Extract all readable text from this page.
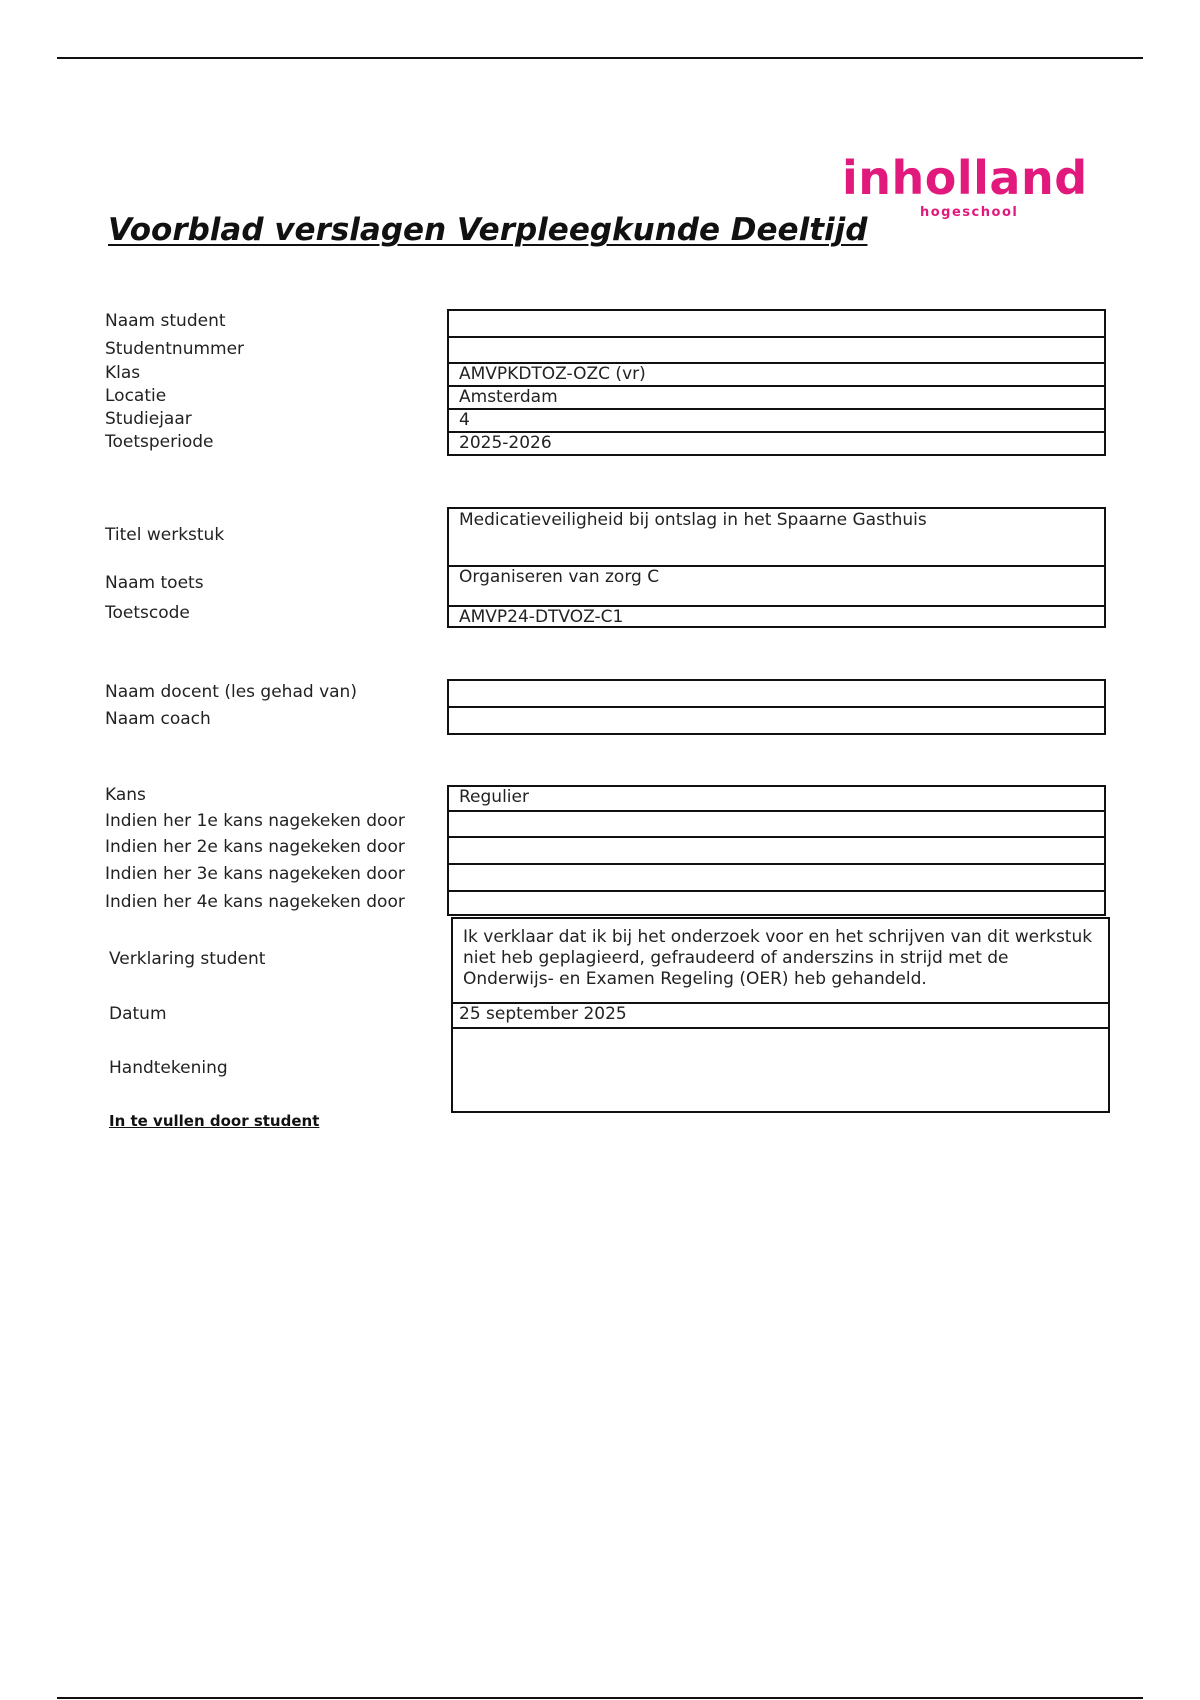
inholland
hogeschool
Voorblad verslagen Verpleegkunde Deeltijd
Naam student
Studentnummer
Klas
Locatie
Studiejaar
Toetsperiode
AMVPKDTOZ-OZC (vr)
Amsterdam
4
2025-2026
Titel werkstuk
Naam toets
Toetscode
Medicatieveiligheid bij ontslag in het Spaarne Gasthuis
Organiseren van zorg C
AMVP24-DTVOZ-C1
Naam docent (les gehad van)
Naam coach
Kans
Indien her 1e kans nagekeken door
Indien her 2e kans nagekeken door
Indien her 3e kans nagekeken door
Indien her 4e kans nagekeken door
Regulier
Verklaring student
Datum
Handtekening
Ik verklaar dat ik bij het onderzoek voor en het schrijven van dit werkstuk niet heb geplagieerd, gefraudeerd of anderszins in strijd met de Onderwijs- en Examen Regeling (OER) heb gehandeld.
25 september 2025
In te vullen door student
